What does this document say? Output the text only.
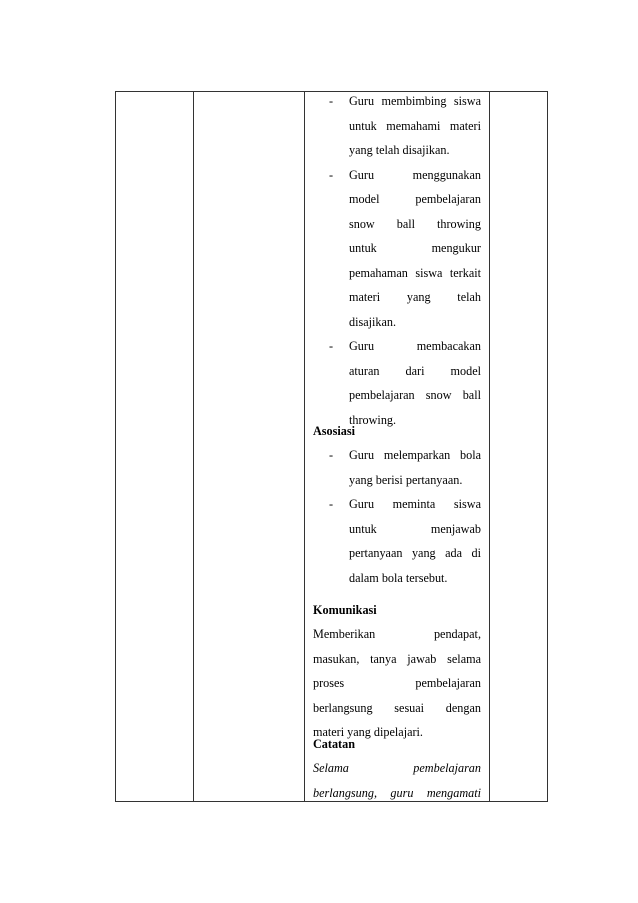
- Guru membimbing siswa
untuk memahami materi
yang telah disajikan.
- Guru menggunakan
model pembelajaran
snow ball throwing
untuk mengukur
pemahaman siswa terkait
materi yang telah
disajikan.
- Guru membacakan
aturan dari model
pembelajaran snow ball
throwing.
Asosiasi
- Guru melemparkan bola
yang berisi pertanyaan.
- Guru meminta siswa
untuk menjawab
pertanyaan yang ada di
dalam bola tersebut.
Komunikasi
Memberikan pendapat,
masukan, tanya jawab selama
proses pembelajaran
berlangsung sesuai dengan
materi yang dipelajari.
Catatan
Selama pembelajaran
berlangsung, guru mengamati
